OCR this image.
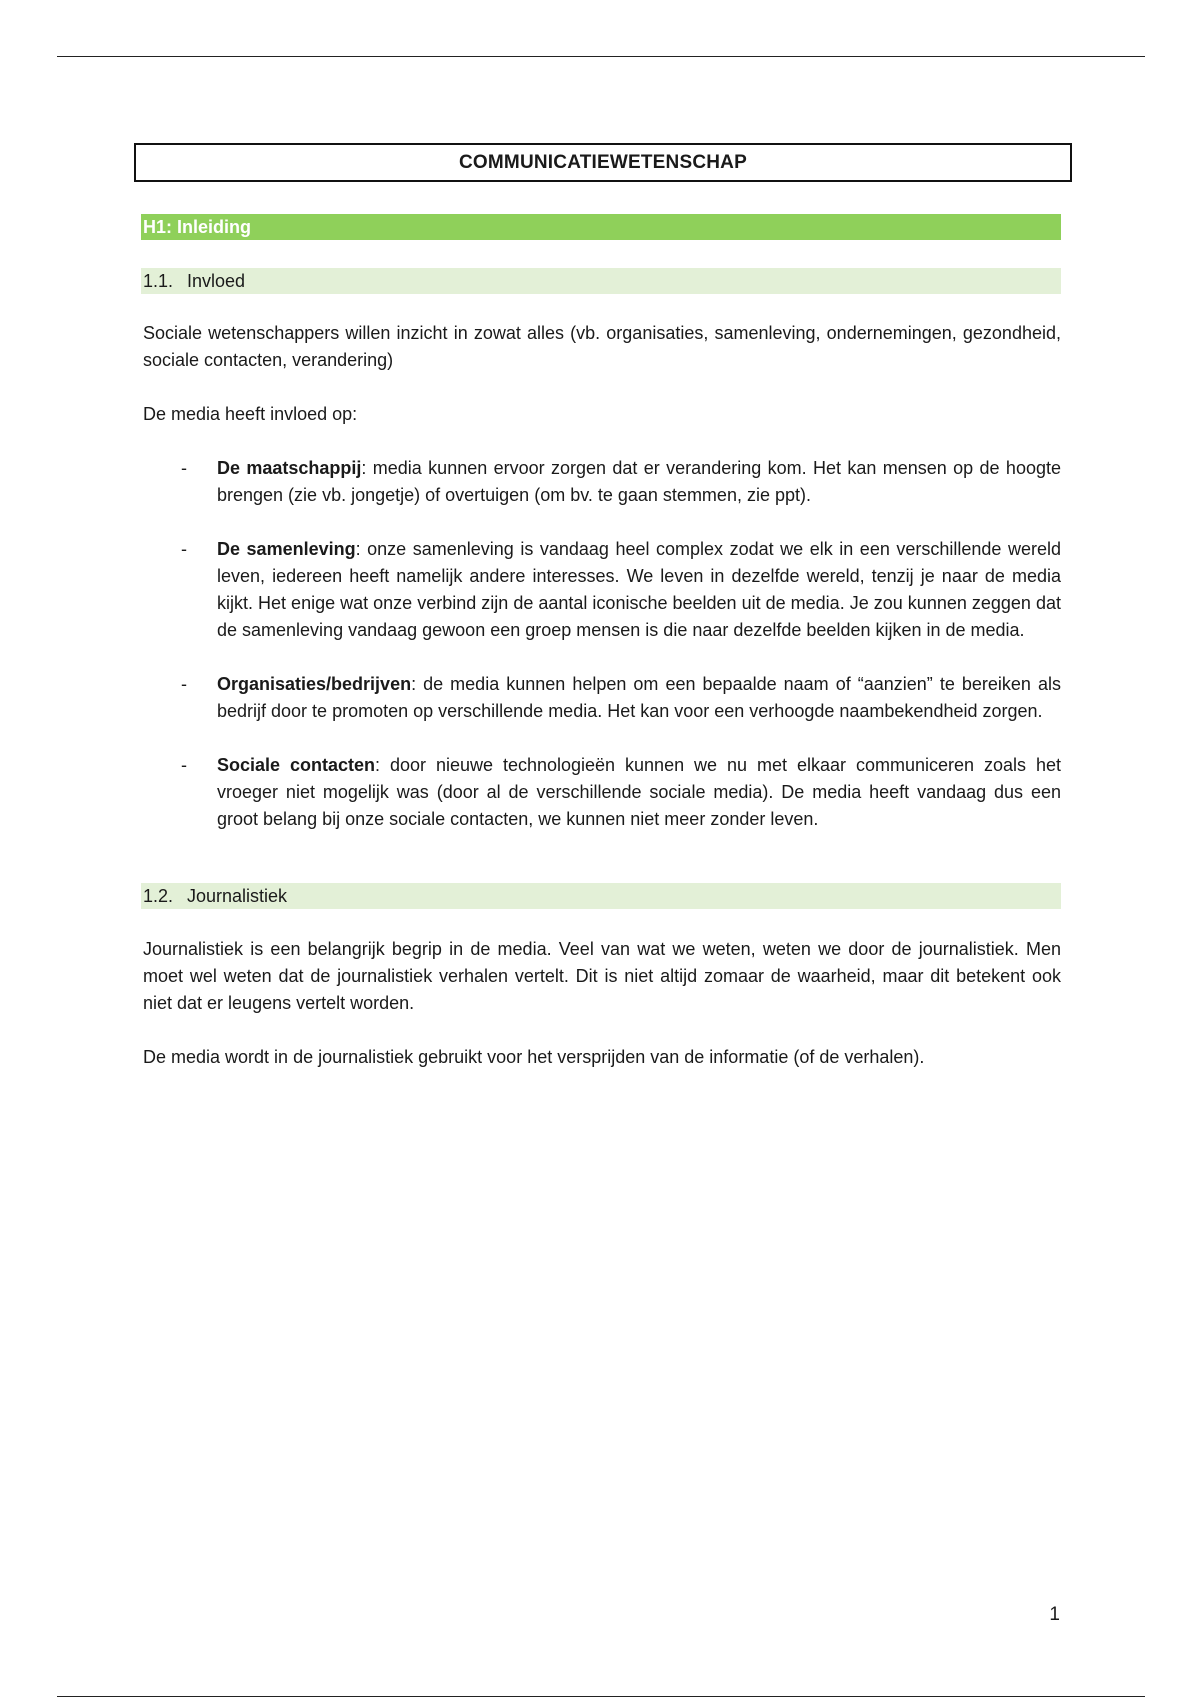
COMMUNICATIEWETENSCHAP
H1: Inleiding
1.1. Invloed

Sociale wetenschappers willen inzicht in zowat alles (vb. organisaties, samenleving, ondernemingen, gezondheid, sociale contacten, verandering)

De media heeft invloed op:

- De maatschappij: media kunnen ervoor zorgen dat er verandering kom. Het kan mensen op de hoogte brengen (zie vb. jongetje) of overtuigen (om bv. te gaan stemmen, zie ppt).
- De samenleving: onze samenleving is vandaag heel complex zodat we elk in een verschillende wereld leven, iedereen heeft namelijk andere interesses. We leven in dezelfde wereld, tenzij je naar de media kijkt. Het enige wat onze verbind zijn de aantal iconische beelden uit de media. Je zou kunnen zeggen dat de samenleving vandaag gewoon een groep mensen is die naar dezelfde beelden kijken in de media.
- Organisaties/bedrijven: de media kunnen helpen om een bepaalde naam of “aanzien” te bereiken als bedrijf door te promoten op verschillende media. Het kan voor een verhoogde naambekendheid zorgen.
- Sociale contacten: door nieuwe technologieën kunnen we nu met elkaar communiceren zoals het vroeger niet mogelijk was (door al de verschillende sociale media). De media heeft vandaag dus een groot belang bij onze sociale contacten, we kunnen niet meer zonder leven.
1.2. Journalistiek

Journalistiek is een belangrijk begrip in de media. Veel van wat we weten, weten we door de journalistiek. Men moet wel weten dat de journalistiek verhalen vertelt. Dit is niet altijd zomaar de waarheid, maar dit betekent ook niet dat er leugens vertelt worden.

De media wordt in de journalistiek gebruikt voor het versprijden van de informatie (of de verhalen).

1
